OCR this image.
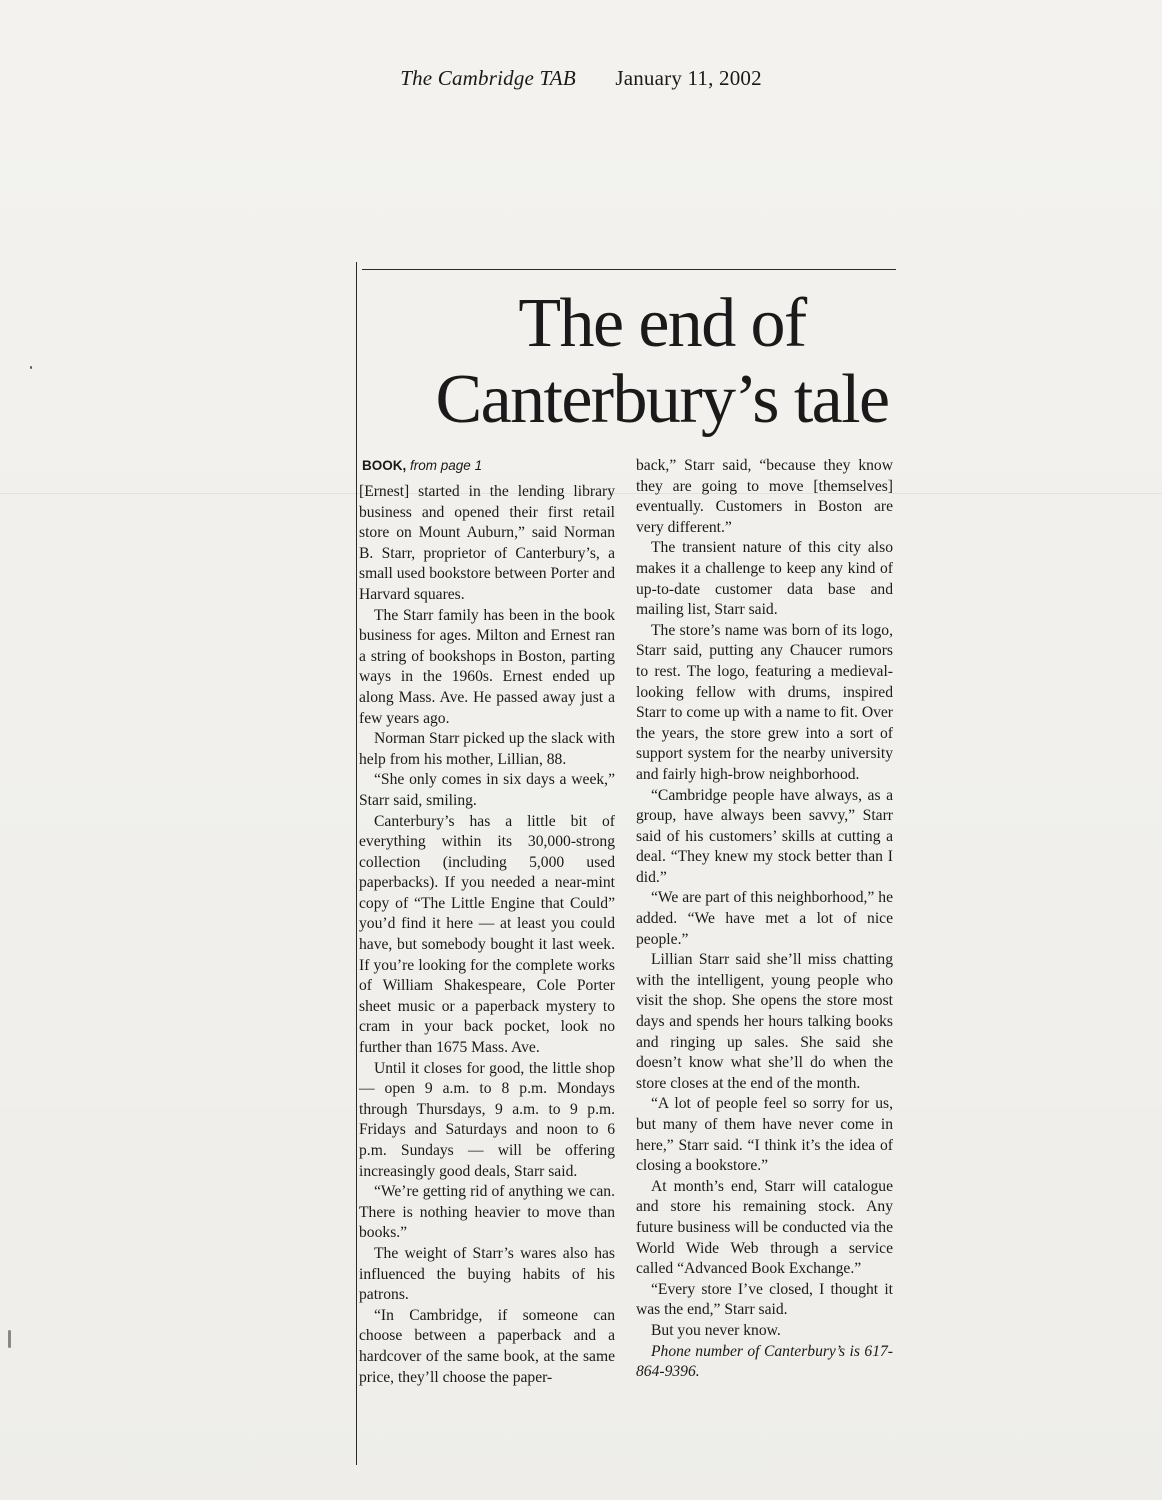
The Cambridge TAB January 11, 2002
The end of
Canterbury’s tale
BOOK, from page 1

[Ernest] started in the lending library business and opened their first retail store on Mount Auburn,” said Norman B. Starr, proprietor of Canterbury’s, a small used bookstore between Porter and Harvard squares.

The Starr family has been in the book business for ages. Milton and Ernest ran a string of bookshops in Boston, parting ways in the 1960s. Ernest ended up along Mass. Ave. He passed away just a few years ago.

Norman Starr picked up the slack with help from his mother, Lillian, 88.

“She only comes in six days a week,” Starr said, smiling.

Canterbury’s has a little bit of everything within its 30,000-strong collection (including 5,000 used paperbacks). If you needed a near-mint copy of “The Little Engine that Could” you’d find it here — at least you could have, but somebody bought it last week. If you’re looking for the complete works of William Shakespeare, Cole Porter sheet music or a paperback mystery to cram in your back pocket, look no further than 1675 Mass. Ave.

Until it closes for good, the little shop — open 9 a.m. to 8 p.m. Mondays through Thursdays, 9 a.m. to 9 p.m. Fridays and Saturdays and noon to 6 p.m. Sundays — will be offering increasingly good deals, Starr said.

“We’re getting rid of anything we can. There is nothing heavier to move than books.”

The weight of Starr’s wares also has influenced the buying habits of his patrons.

“In Cambridge, if someone can choose between a paperback and a hardcover of the same book, at the same price, they’ll choose the paper-

back,” Starr said, “because they know they are going to move [themselves] eventually. Customers in Boston are very different.”

The transient nature of this city also makes it a challenge to keep any kind of up-to-date customer data base and mailing list, Starr said.

The store’s name was born of its logo, Starr said, putting any Chaucer rumors to rest. The logo, featuring a medieval-looking fellow with drums, inspired Starr to come up with a name to fit. Over the years, the store grew into a sort of support system for the nearby university and fairly high-brow neighborhood.

“Cambridge people have always, as a group, have always been savvy,” Starr said of his customers’ skills at cutting a deal. “They knew my stock better than I did.”

“We are part of this neighborhood,” he added. “We have met a lot of nice people.”

Lillian Starr said she’ll miss chatting with the intelligent, young people who visit the shop. She opens the store most days and spends her hours talking books and ringing up sales. She said she doesn’t know what she’ll do when the store closes at the end of the month.

“A lot of people feel so sorry for us, but many of them have never come in here,” Starr said. “I think it’s the idea of closing a bookstore.”

At month’s end, Starr will catalogue and store his remaining stock. Any future business will be conducted via the World Wide Web through a service called “Advanced Book Exchange.”

“Every store I’ve closed, I thought it was the end,” Starr said.

But you never know.

Phone number of Canterbury’s is 617-864-9396.
